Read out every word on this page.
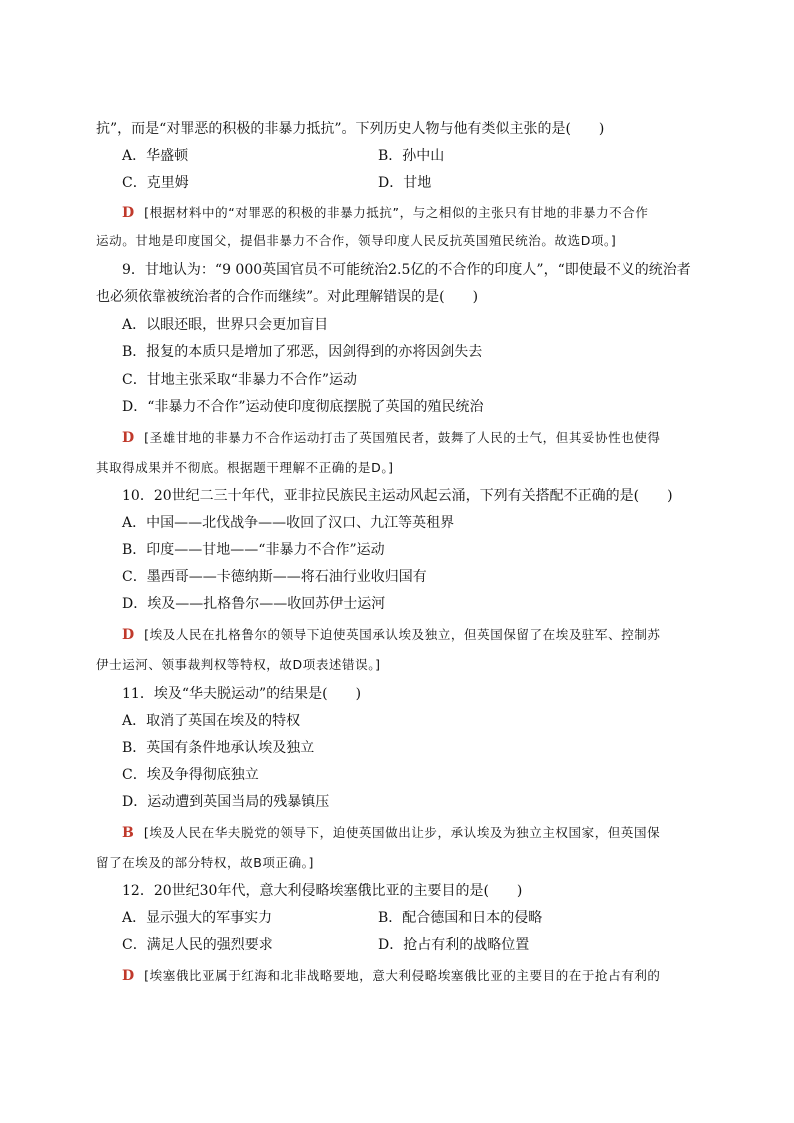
抗”，而是“对罪恶的积极的非暴力抵抗”。下列历史人物与他有类似主张的是(　　)
A．华盛顿	B．孙中山
C．克里姆	D．甘地
D [根据材料中的“对罪恶的积极的非暴力抵抗”，与之相似的主张只有甘地的非暴力不合作
运动。甘地是印度国父，提倡非暴力不合作，领导印度人民反抗英国殖民统治。故选D项。]
9．甘地认为：“9 000英国官员不可能统治2.5亿的不合作的印度人”，“即使最不义的统治者
也必须依靠被统治者的合作而继续”。对此理解错误的是(　　)
A．以眼还眼，世界只会更加盲目
B．报复的本质只是增加了邪恶，因剑得到的亦将因剑失去
C．甘地主张采取“非暴力不合作”运动
D．“非暴力不合作”运动使印度彻底摆脱了英国的殖民统治
D [圣雄甘地的非暴力不合作运动打击了英国殖民者，鼓舞了人民的士气，但其妥协性也使得
其取得成果并不彻底。根据题干理解不正确的是D。]
10．20世纪二三十年代，亚非拉民族民主运动风起云涌，下列有关搭配不正确的是(　　)
A．中国——北伐战争——收回了汉口、九江等英租界
B．印度——甘地——“非暴力不合作”运动
C．墨西哥——卡德纳斯——将石油行业收归国有
D．埃及——扎格鲁尔——收回苏伊士运河
D [埃及人民在扎格鲁尔的领导下迫使英国承认埃及独立，但英国保留了在埃及驻军、控制苏
伊士运河、领事裁判权等特权，故D项表述错误。]
11．埃及“华夫脱运动”的结果是(　　)
A．取消了英国在埃及的特权
B．英国有条件地承认埃及独立
C．埃及争得彻底独立
D．运动遭到英国当局的残暴镇压
B [埃及人民在华夫脱党的领导下，迫使英国做出让步，承认埃及为独立主权国家，但英国保
留了在埃及的部分特权，故B项正确。]
12．20世纪30年代，意大利侵略埃塞俄比亚的主要目的是(　　)
A．显示强大的军事实力	B．配合德国和日本的侵略
C．满足人民的强烈要求	D．抢占有利的战略位置
D [埃塞俄比亚属于红海和北非战略要地，意大利侵略埃塞俄比亚的主要目的在于抢占有利的
